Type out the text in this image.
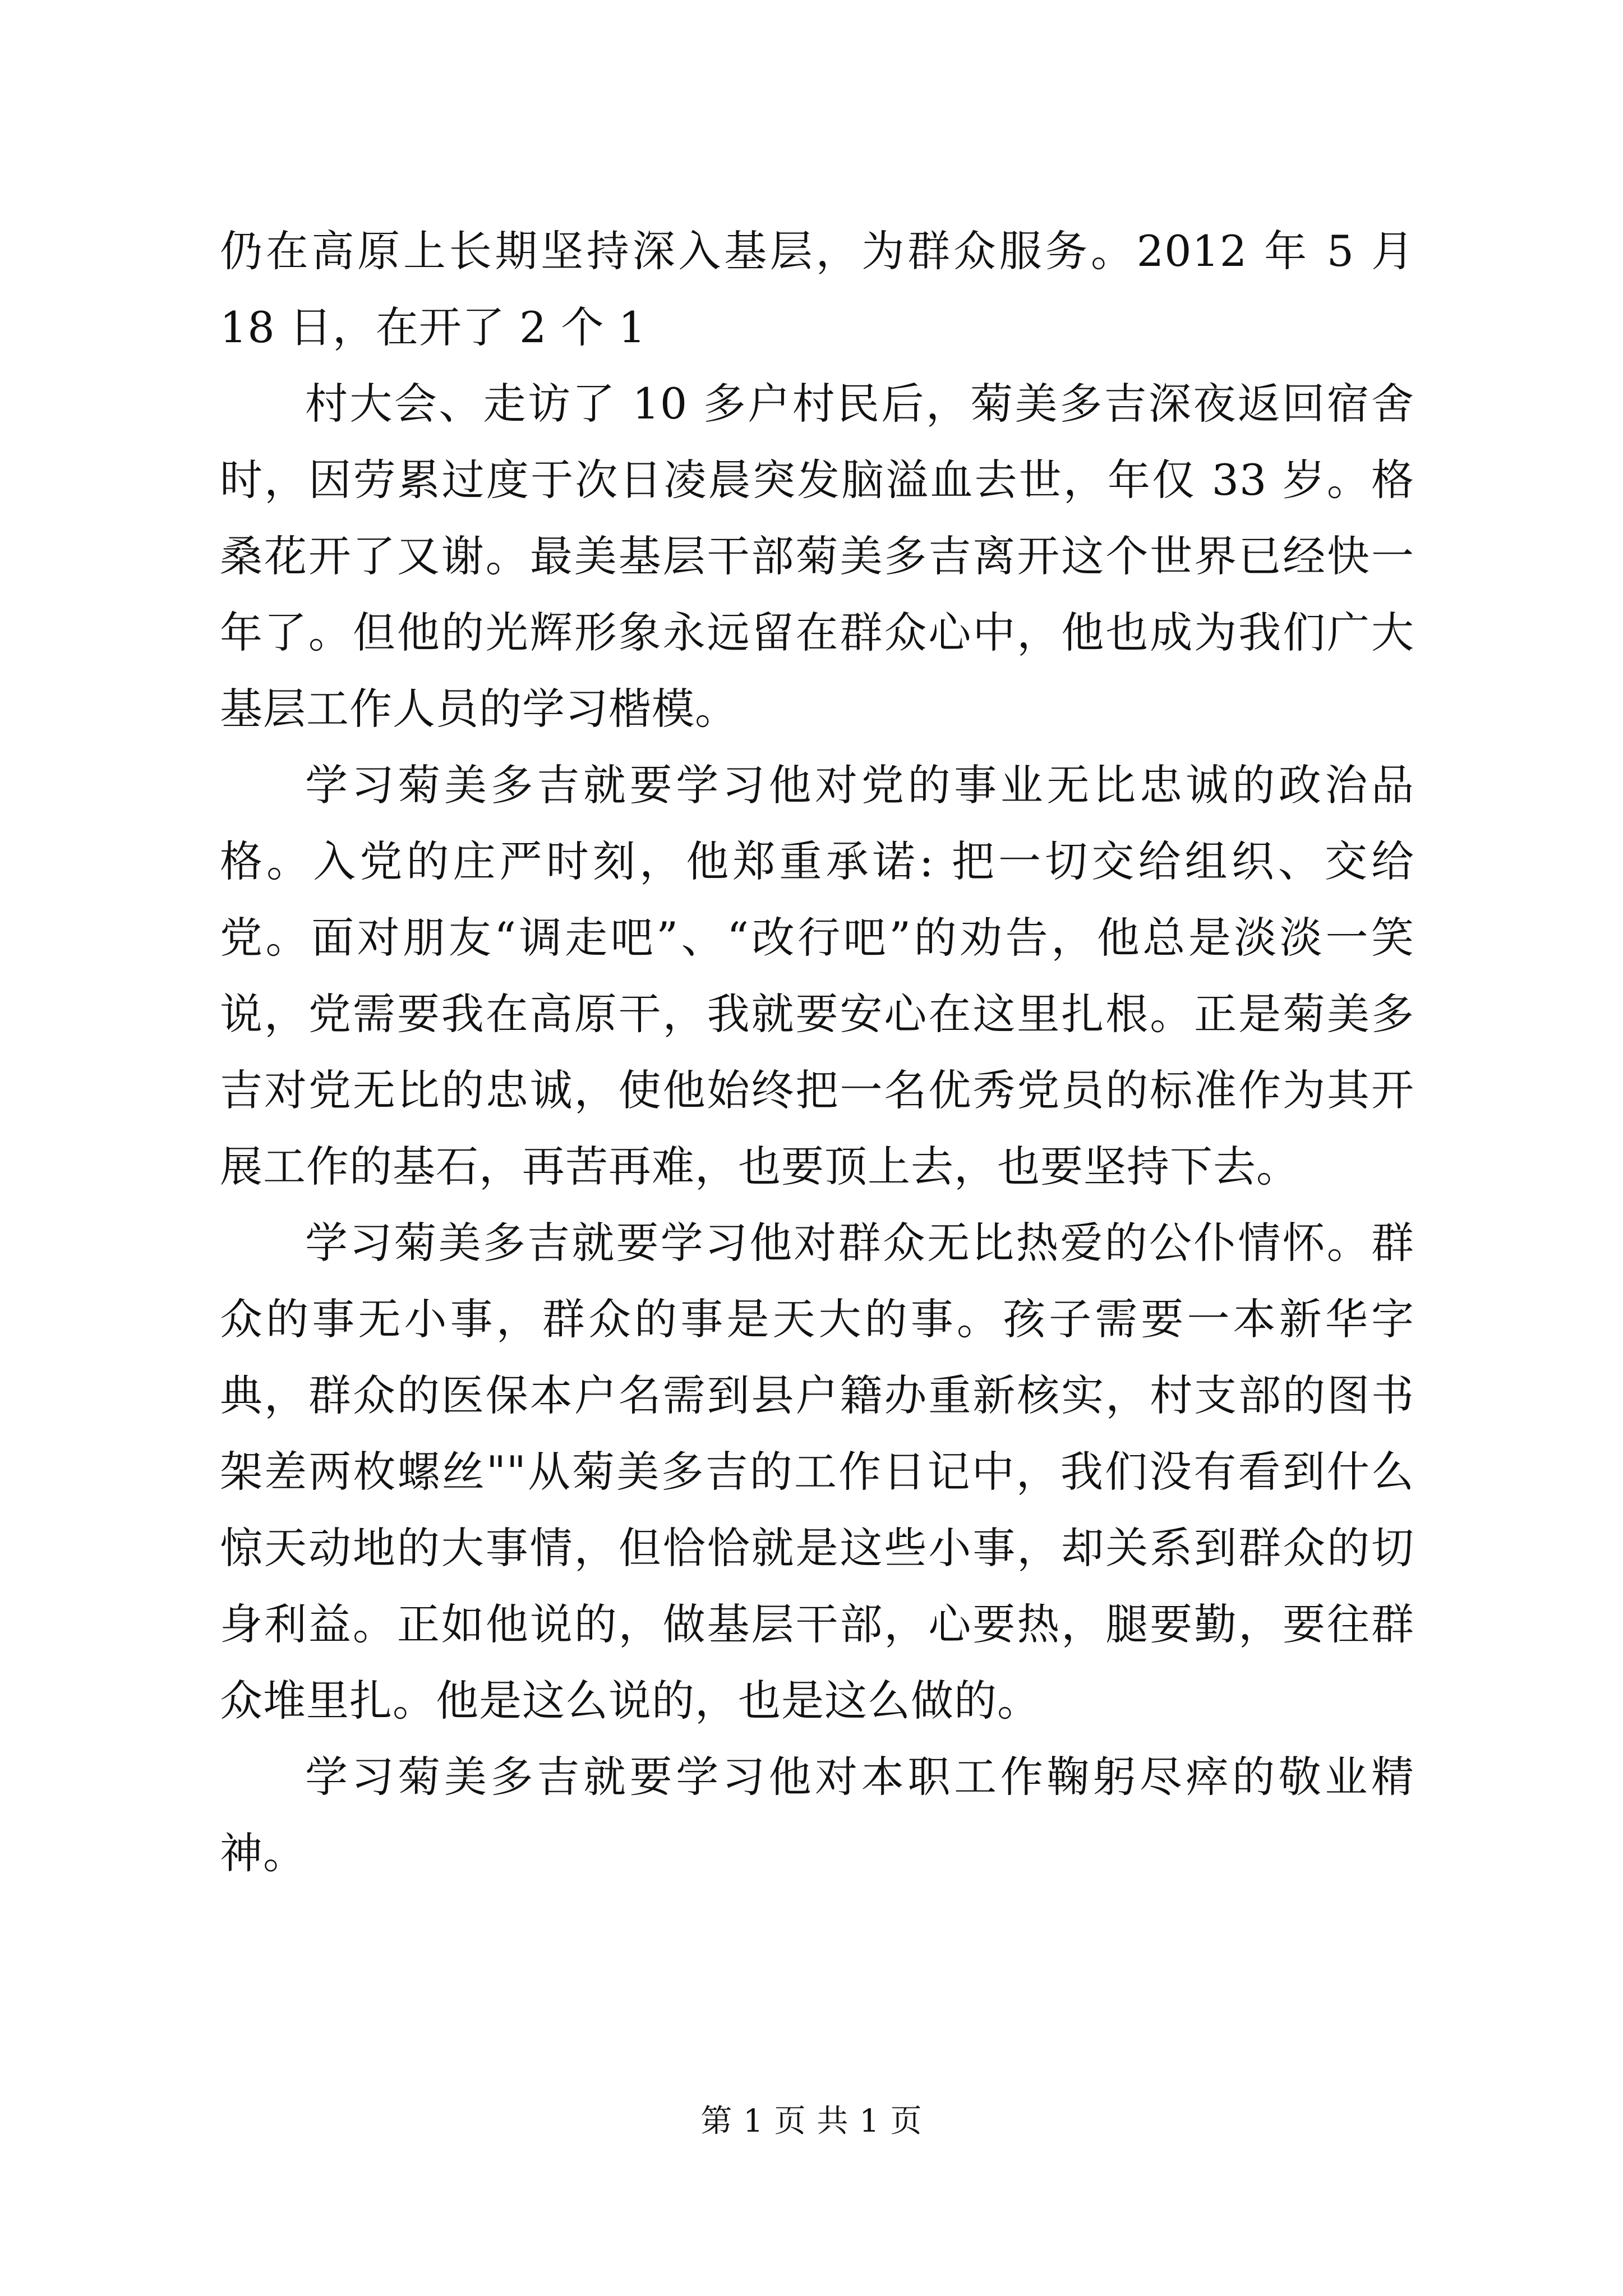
仍在高原上长期坚持深入基层，为群众服务。2012 年 5 月 18 日，在开了 2 个 1

村大会、走访了 10 多户村民后，菊美多吉深夜返回宿舍时，因劳累过度于次日凌晨突发脑溢血去世，年仅 33 岁。格桑花开了又谢。最美基层干部菊美多吉离开这个世界已经快一年了。但他的光辉形象永远留在群众心中，他也成为我们广大基层工作人员的学习楷模。

学习菊美多吉就要学习他对党的事业无比忠诚的政治品格。入党的庄严时刻，他郑重承诺: 把一切交给组织、交给党。面对朋友“调走吧”、“改行吧”的劝告，他总是淡淡一笑说，党需要我在高原干，我就要安心在这里扎根。正是菊美多吉对党无比的忠诚，使他始终把一名优秀党员的标准作为其开展工作的基石，再苦再难，也要顶上去，也要坚持下去。

学习菊美多吉就要学习他对群众无比热爱的公仆情怀。群众的事无小事，群众的事是天大的事。孩子需要一本新华字典，群众的医保本户名需到县户籍办重新核实，村支部的图书架差两枚螺丝""从菊美多吉的工作日记中，我们没有看到什么惊天动地的大事情，但恰恰就是这些小事，却关系到群众的切身利益。正如他说的，做基层干部，心要热，腿要勤，要往群众堆里扎。他是这么说的，也是这么做的。

学习菊美多吉就要学习他对本职工作鞠躬尽瘁的敬业精神。

第 1 页 共 1 页
